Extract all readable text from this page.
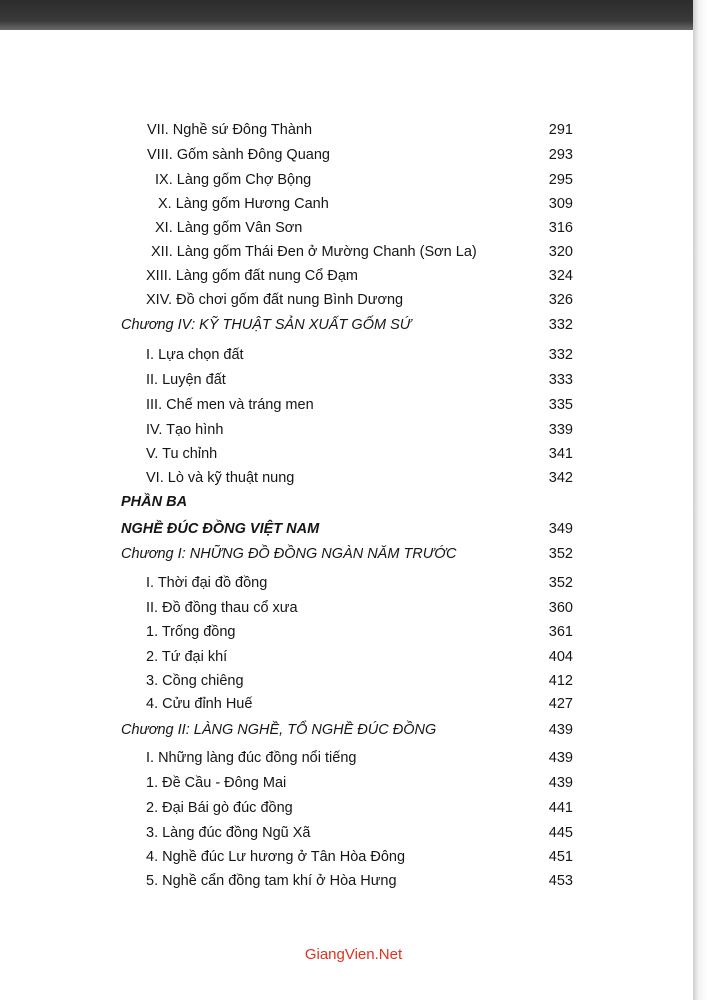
VII. Nghề sứ Đông Thành	291
VIII. Gốm sành Đông Quang	293
IX. Làng gốm Chợ Bộng	295
X. Làng gốm Hương Canh	309
XI. Làng gốm Vân Sơn	316
XII. Làng gốm Thái Đen ở Mường Chanh (Sơn La)	320
XIII. Làng gốm đất nung Cổ Đạm	324
XIV. Đồ chơi gốm đất nung Bình Dương	326
Chương IV: KỸ THUẬT SẢN XUẤT GỐM SỨ	332
I. Lựa chọn đất	332
II. Luyện đất	333
III. Chế men và tráng men	335
IV. Tạo hình	339
V. Tu chỉnh	341
VI. Lò và kỹ thuật nung	342
PHẦN BA
NGHỀ ĐÚC ĐỒNG VIỆT NAM	349
Chương I: NHỮNG ĐỒ ĐỒNG NGÀN NĂM TRƯỚC	352
I. Thời đại đồ đồng	352
II. Đồ đồng thau cổ xưa	360
1. Trống đồng	361
2. Tứ đại khí	404
3. Cồng chiêng	412
4. Cửu đỉnh Huế	427
Chương II: LÀNG NGHỀ, TỔ NGHỀ ĐÚC ĐỒNG	439
I. Những làng đúc đồng nổi tiếng	439
1. Đề Cầu - Đông Mai	439
2. Đại Bái gò đúc đồng	441
3. Làng đúc đồng Ngũ Xã	445
4. Nghề đúc Lư hương ở Tân Hòa Đông	451
5. Nghề cẩn đồng tam khí ở Hòa Hưng	453
GiangVien.Net
